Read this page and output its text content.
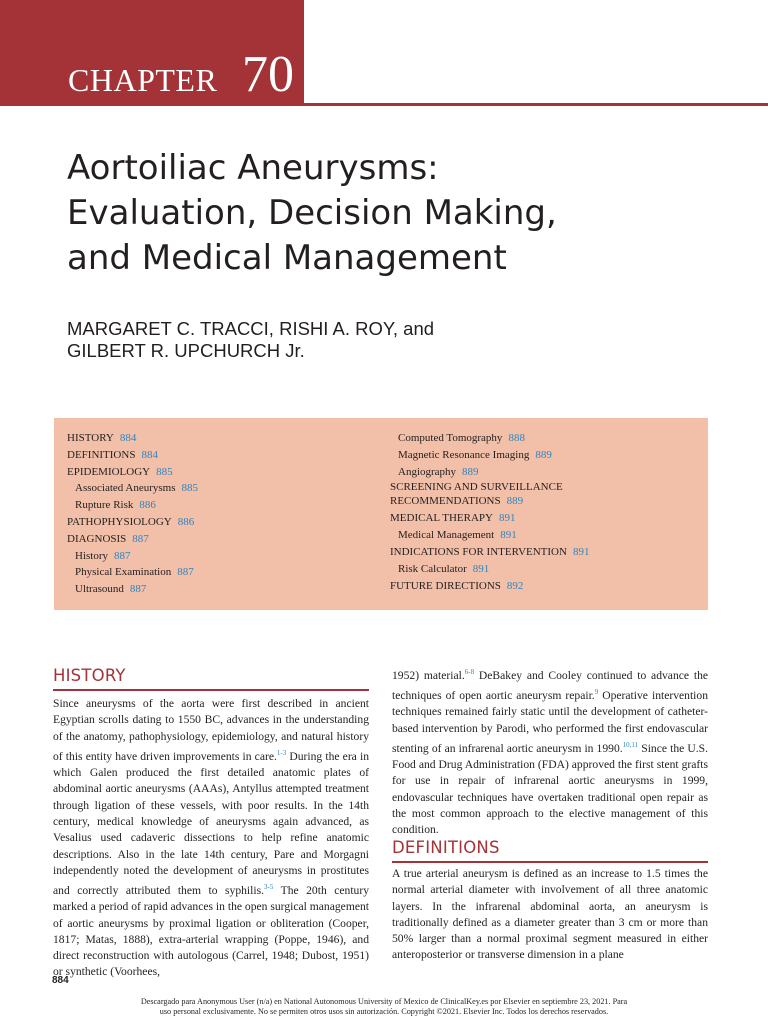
CHAPTER 70
Aortoiliac Aneurysms:
Evaluation, Decision Making,
and Medical Management
MARGARET C. TRACCI, RISHI A. ROY, and
GILBERT R. UPCHURCH Jr.
HISTORY 884
DEFINITIONS 884
EPIDEMIOLOGY 885
Associated Aneurysms 885
Rupture Risk 886
PATHOPHYSIOLOGY 886
DIAGNOSIS 887
History 887
Physical Examination 887
Ultrasound 887
Computed Tomography 888
Magnetic Resonance Imaging 889
Angiography 889
SCREENING AND SURVEILLANCE RECOMMENDATIONS 889
MEDICAL THERAPY 891
Medical Management 891
INDICATIONS FOR INTERVENTION 891
Risk Calculator 891
FUTURE DIRECTIONS 892
HISTORY
Since aneurysms of the aorta were first described in ancient Egyptian scrolls dating to 1550 BC, advances in the understanding of the anatomy, pathophysiology, epidemiology, and natural history of this entity have driven improvements in care.$^{1-3}$ During the era in which Galen produced the first detailed anatomic plates of abdominal aortic aneurysms (AAAs), Antyllus attempted treatment through ligation of these vessels, with poor results. In the 14th century, medical knowledge of aneurysms again advanced, as Vesalius used cadaveric dissections to help refine anatomic descriptions. Also in the late 14th century, Pare and Morgagni independently noted the development of aneurysms in prostitutes and correctly attributed them to syphilis.$^{3-5}$ The 20th century marked a period of rapid advances in the open surgical management of aortic aneurysms by proximal ligation or obliteration (Cooper, 1817; Matas, 1888), extra-arterial wrapping (Poppe, 1946), and direct reconstruction with autologous (Carrel, 1948; Dubost, 1951) or synthetic (Voorhees,
1952) material.$^{6-8}$ DeBakey and Cooley continued to advance the techniques of open aortic aneurysm repair.$^9$ Operative intervention techniques remained fairly static until the development of catheter-based intervention by Parodi, who performed the first endovascular stenting of an infrarenal aortic aneurysm in 1990.$^{10,11}$ Since the U.S. Food and Drug Administration (FDA) approved the first stent grafts for use in repair of infrarenal aortic aneurysms in 1999, endovascular techniques have overtaken traditional open repair as the most common approach to the elective management of this condition.
DEFINITIONS
A true arterial aneurysm is defined as an increase to 1.5 times the normal arterial diameter with involvement of all three anatomic layers. In the infrarenal abdominal aorta, an aneurysm is traditionally defined as a diameter greater than 3 cm or more than 50% larger than a normal proximal segment measured in either anteroposterior or transverse dimension in a plane
884
Descargado para Anonymous User (n/a) en National Autonomous University of Mexico de ClinicalKey.es por Elsevier en septiembre 23, 2021. Para
uso personal exclusivamente. No se permiten otros usos sin autorización. Copyright ©2021. Elsevier Inc. Todos los derechos reservados.
